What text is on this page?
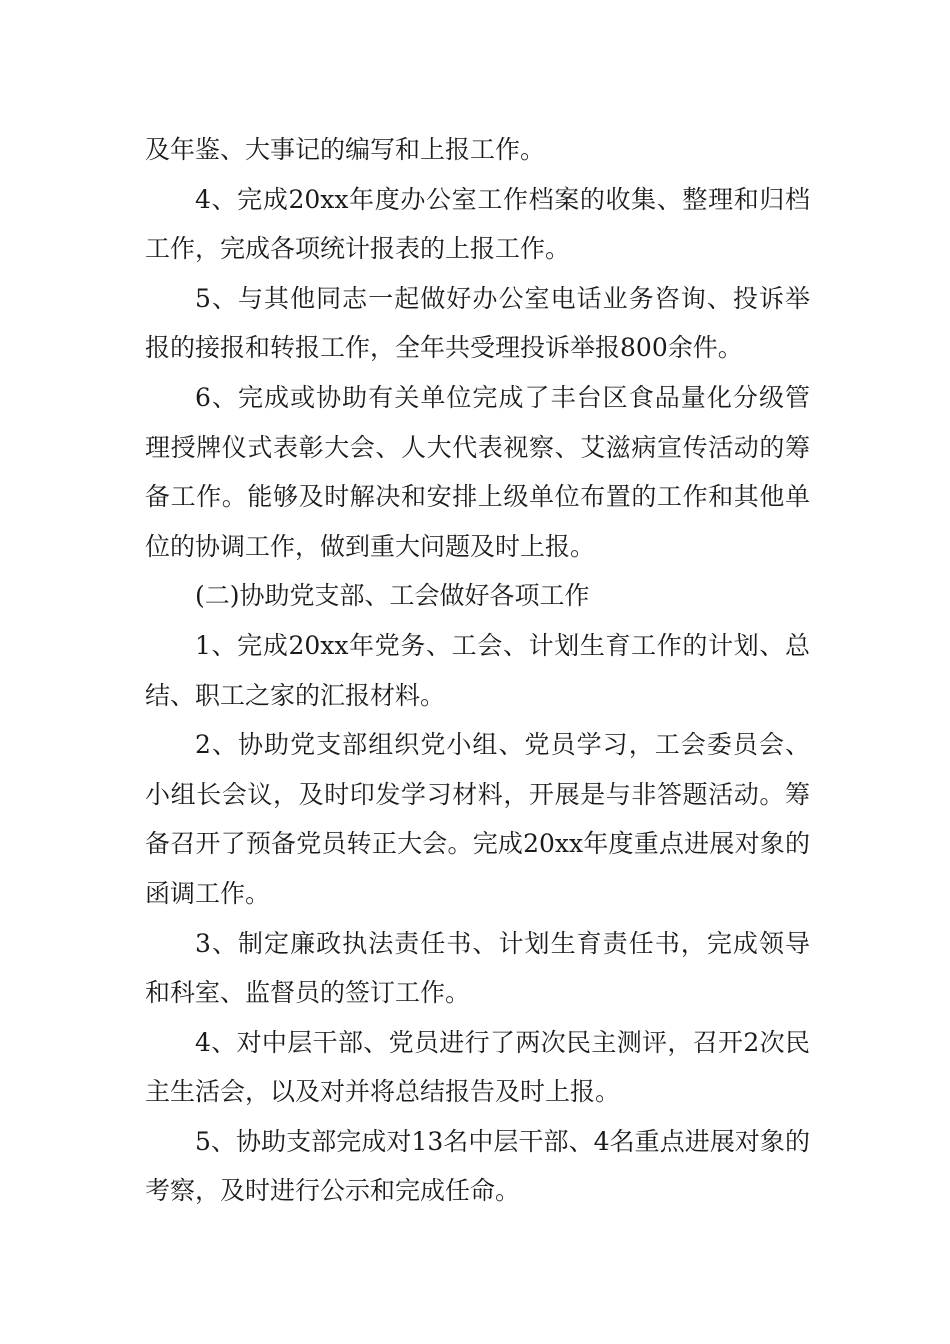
及年鉴、大事记的编写和上报工作。

4、完成20xx年度办公室工作档案的收集、整理和归档工作，完成各项统计报表的上报工作。

5、与其他同志一起做好办公室电话业务咨询、投诉举报的接报和转报工作，全年共受理投诉举报800余件。

6、完成或协助有关单位完成了丰台区食品量化分级管理授牌仪式表彰大会、人大代表视察、艾滋病宣传活动的筹备工作。能够及时解决和安排上级单位布置的工作和其他单位的协调工作，做到重大问题及时上报。

(二)协助党支部、工会做好各项工作

1、完成20xx年党务、工会、计划生育工作的计划、总结、职工之家的汇报材料。

2、协助党支部组织党小组、党员学习，工会委员会、小组长会议，及时印发学习材料，开展是与非答题活动。筹备召开了预备党员转正大会。完成20xx年度重点进展对象的函调工作。

3、制定廉政执法责任书、计划生育责任书，完成领导和科室、监督员的签订工作。

4、对中层干部、党员进行了两次民主测评，召开2次民主生活会，以及对并将总结报告及时上报。

5、协助支部完成对13名中层干部、4名重点进展对象的考察，及时进行公示和完成任命。
